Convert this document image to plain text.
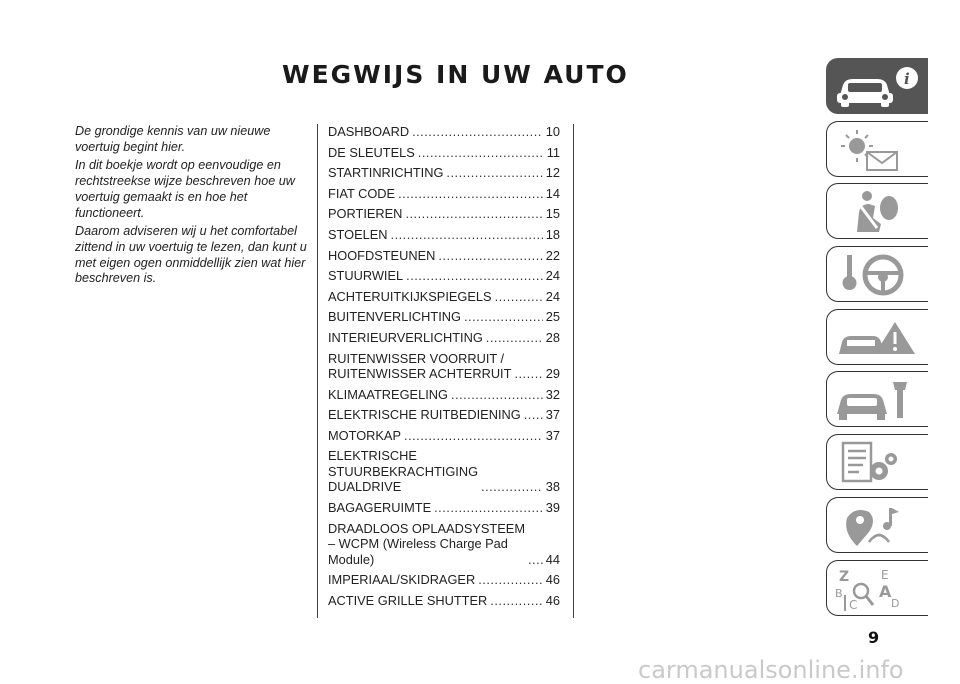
WEGWIJS IN UW AUTO

De grondige kennis van uw nieuwe voertuig begint hier.

In dit boekje wordt op eenvoudige en rechtstreekse wijze beschreven hoe uw voertuig gemaakt is en hoe het functioneert.

Daarom adviseren wij u het comfortabel zittend in uw voertuig te lezen, dan kunt u met eigen ogen onmiddellijk zien wat hier beschreven is.

DASHBOARD .....	10
DE SLEUTELS .....	11
STARTINRICHTING .....	12
FIAT CODE .....	14
PORTIEREN .....	15
STOELEN .....	18
HOOFDSTEUNEN .....	22
STUURWIEL .....	24
ACHTERUITKIJKSPIEGELS .....	24
BUITENVERLICHTING .....	25
INTERIEURVERLICHTING .....	28
RUITENWISSER VOORRUIT /
RUITENWISSER ACHTERRUIT .....	29
KLIMAATREGELING .....	32
ELEKTRISCHE RUITBEDIENING ..... 37
MOTORKAP .....	37
ELEKTRISCHE
STUURBEKRACHTIGING
DUALDRIVE .....	38
BAGAGERUIMTE .....	39
DRAADLOOS OPLAADSYSTEEM
– WCPM (Wireless Charge Pad
Module) .....	44
IMPERIAAL/SKIDRAGER .....	46
ACTIVE GRILLE SHUTTER .....	46
i
Z	E
B A
C	D
9
carmanualsonline.info
